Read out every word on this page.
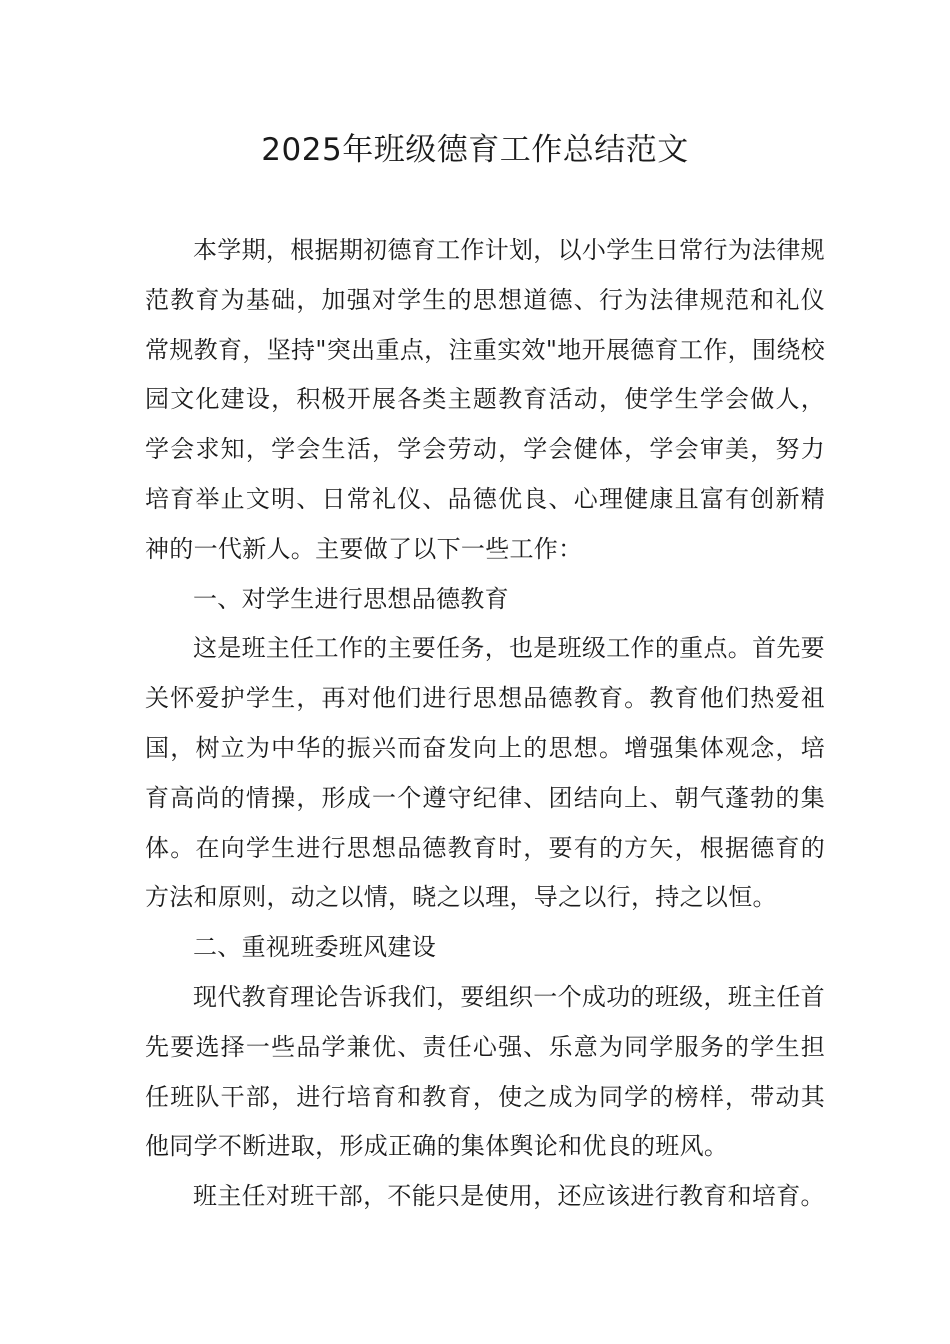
2025年班级德育工作总结范文

本学期，根据期初德育工作计划，以小学生日常行为法律规范教育为基础，加强对学生的思想道德、行为法律规范和礼仪常规教育，坚持"突出重点，注重实效"地开展德育工作，围绕校园文化建设，积极开展各类主题教育活动，使学生学会做人，学会求知，学会生活，学会劳动，学会健体，学会审美，努力培育举止文明、日常礼仪、品德优良、心理健康且富有创新精神的一代新人。主要做了以下一些工作：

一、对学生进行思想品德教育

这是班主任工作的主要任务，也是班级工作的重点。首先要关怀爱护学生，再对他们进行思想品德教育。教育他们热爱祖国，树立为中华的振兴而奋发向上的思想。增强集体观念，培育高尚的情操，形成一个遵守纪律、团结向上、朝气蓬勃的集体。在向学生进行思想品德教育时，要有的方矢，根据德育的方法和原则，动之以情，晓之以理，导之以行，持之以恒。

二、重视班委班风建设

现代教育理论告诉我们，要组织一个成功的班级，班主任首先要选择一些品学兼优、责任心强、乐意为同学服务的学生担任班队干部，进行培育和教育，使之成为同学的榜样，带动其他同学不断进取，形成正确的集体舆论和优良的班风。

班主任对班干部，不能只是使用，还应该进行教育和培育。
